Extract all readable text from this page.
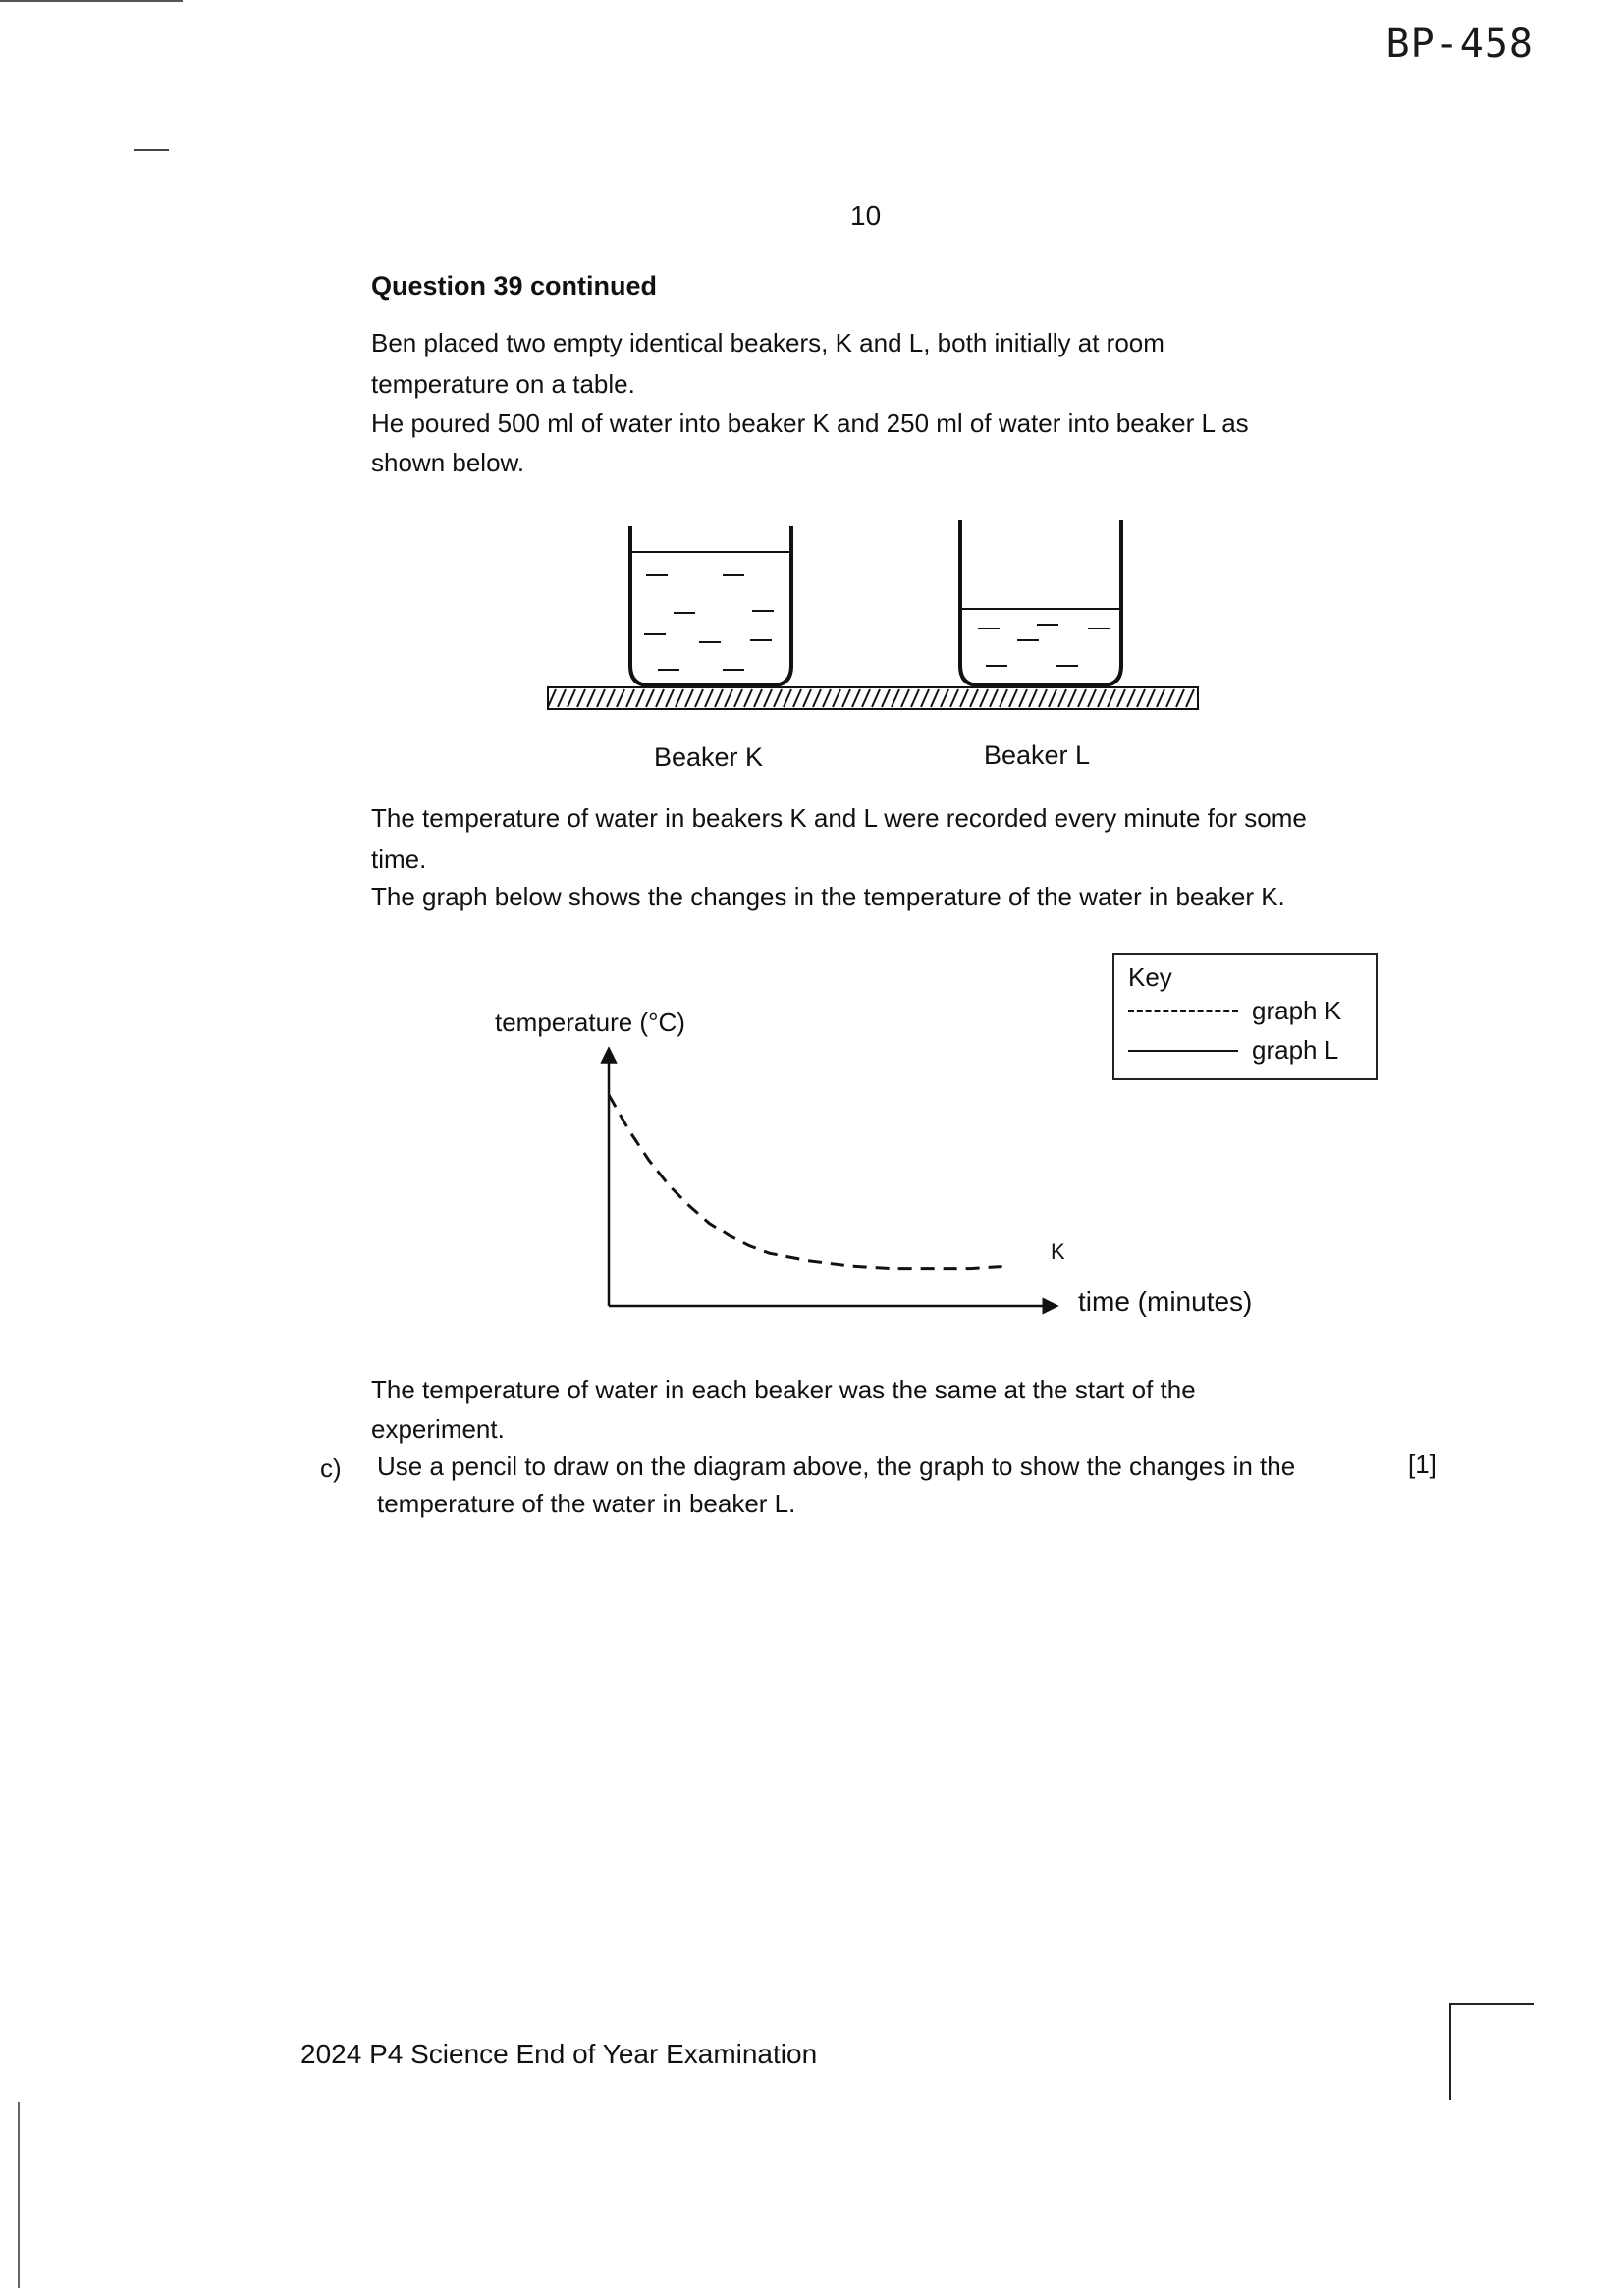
BP-458
10
Question 39 continued
Ben placed two empty identical beakers, K and L, both initially at room
temperature on a table.
He poured 500 ml of water into beaker K and 250 ml of water into beaker L as
shown below.
Beaker K	Beaker L
The temperature of water in beakers K and L were recorded every minute for some
time.
The graph below shows the changes in the temperature of the water in beaker K.
temperature (°C)
time (minutes)
K
Key
graph K
graph L
The temperature of water in each beaker was the same at the start of the
experiment.
c) Use a pencil to draw on the diagram above, the graph to show the changes in the
temperature of the water in beaker L.
[1]
2024 P4 Science End of Year Examination
